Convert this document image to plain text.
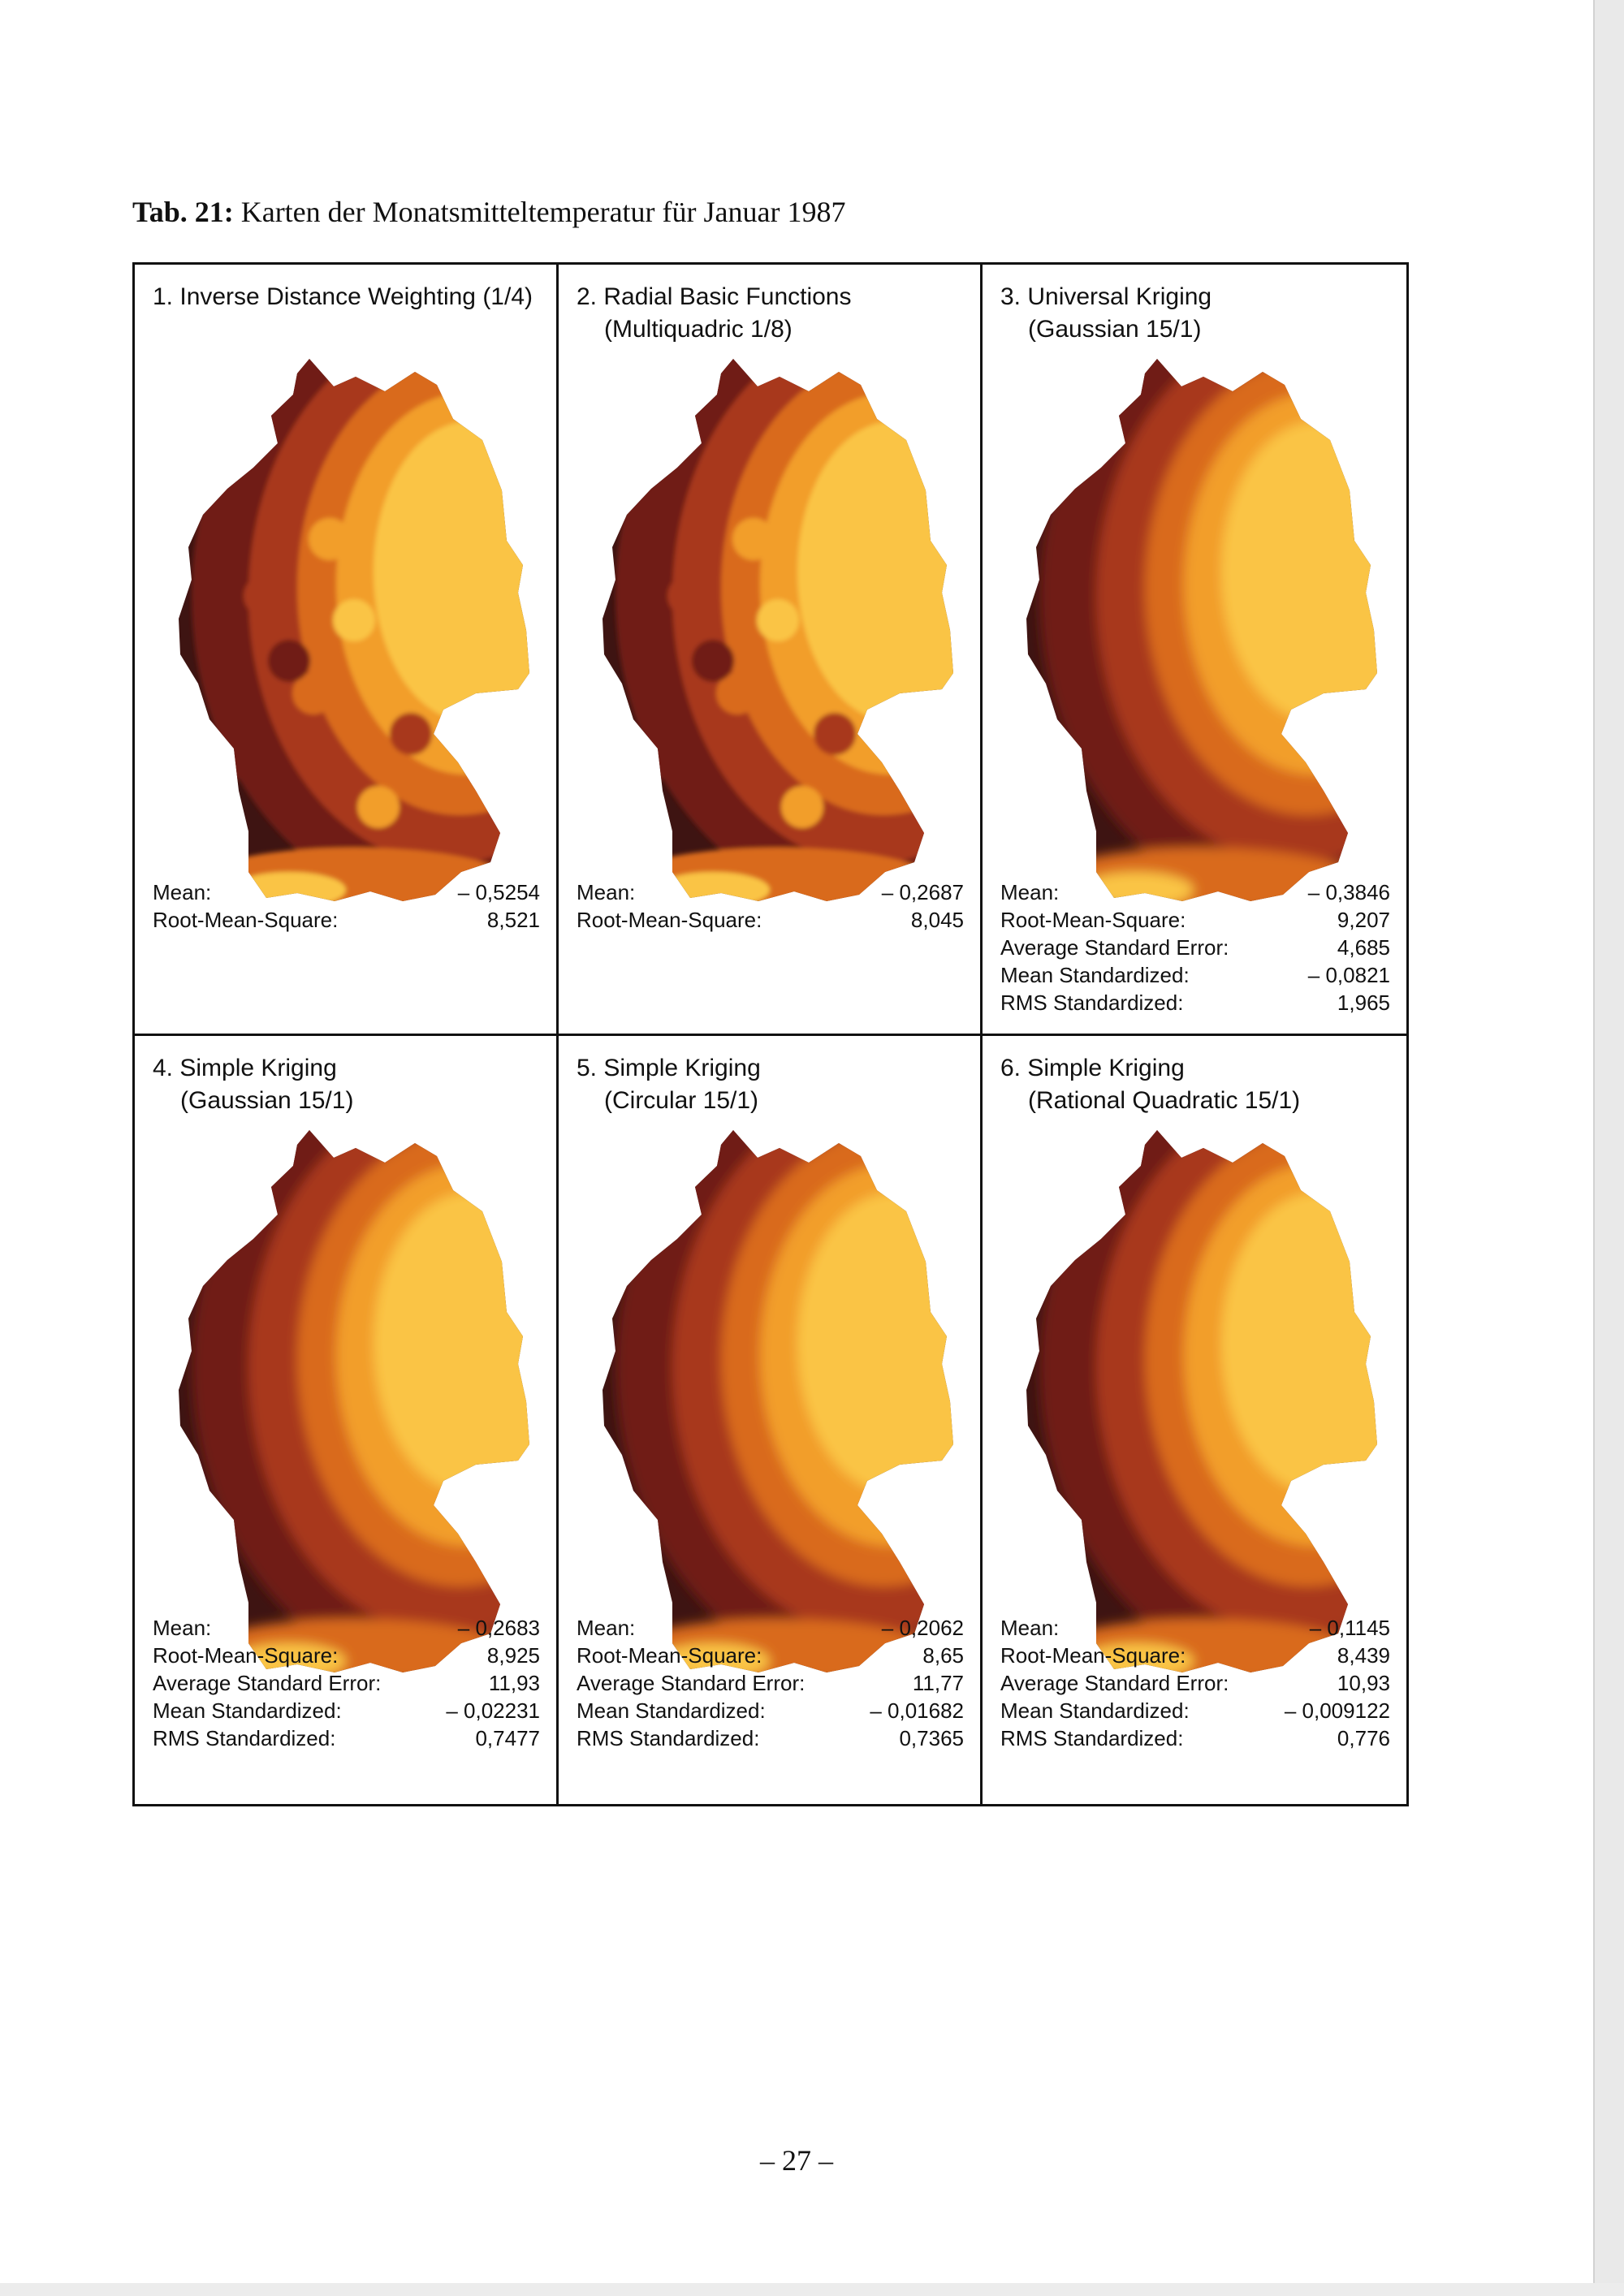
Tab. 21: Karten der Monatsmitteltemperatur für Januar 1987
1. Inverse Distance Weighting (1/4)
Mean:	– 0,5254
Root-Mean-Square:	8,521
2. Radial Basic Functions
(Multiquadric 1/8)
Mean:	– 0,2687
Root-Mean-Square:	8,045
3. Universal Kriging
(Gaussian 15/1)
Mean:	– 0,3846
Root-Mean-Square:	9,207
Average Standard Error:	4,685
Mean Standardized:	– 0,0821
RMS Standardized:	1,965
4. Simple Kriging
(Gaussian 15/1)
Mean:	– 0,2683
Root-Mean-Square:	8,925
Average Standard Error:	11,93
Mean Standardized:	– 0,02231
RMS Standardized:	0,7477
5. Simple Kriging
(Circular 15/1)
Mean:	– 0,2062
Root-Mean-Square:	8,65
Average Standard Error:	11,77
Mean Standardized:	– 0,01682
RMS Standardized:	0,7365
6. Simple Kriging
(Rational Quadratic 15/1)
Mean:	– 0,1145
Root-Mean-Square:	8,439
Average Standard Error:	10,93
Mean Standardized:	– 0,009122
RMS Standardized:	0,776
– 27 –
